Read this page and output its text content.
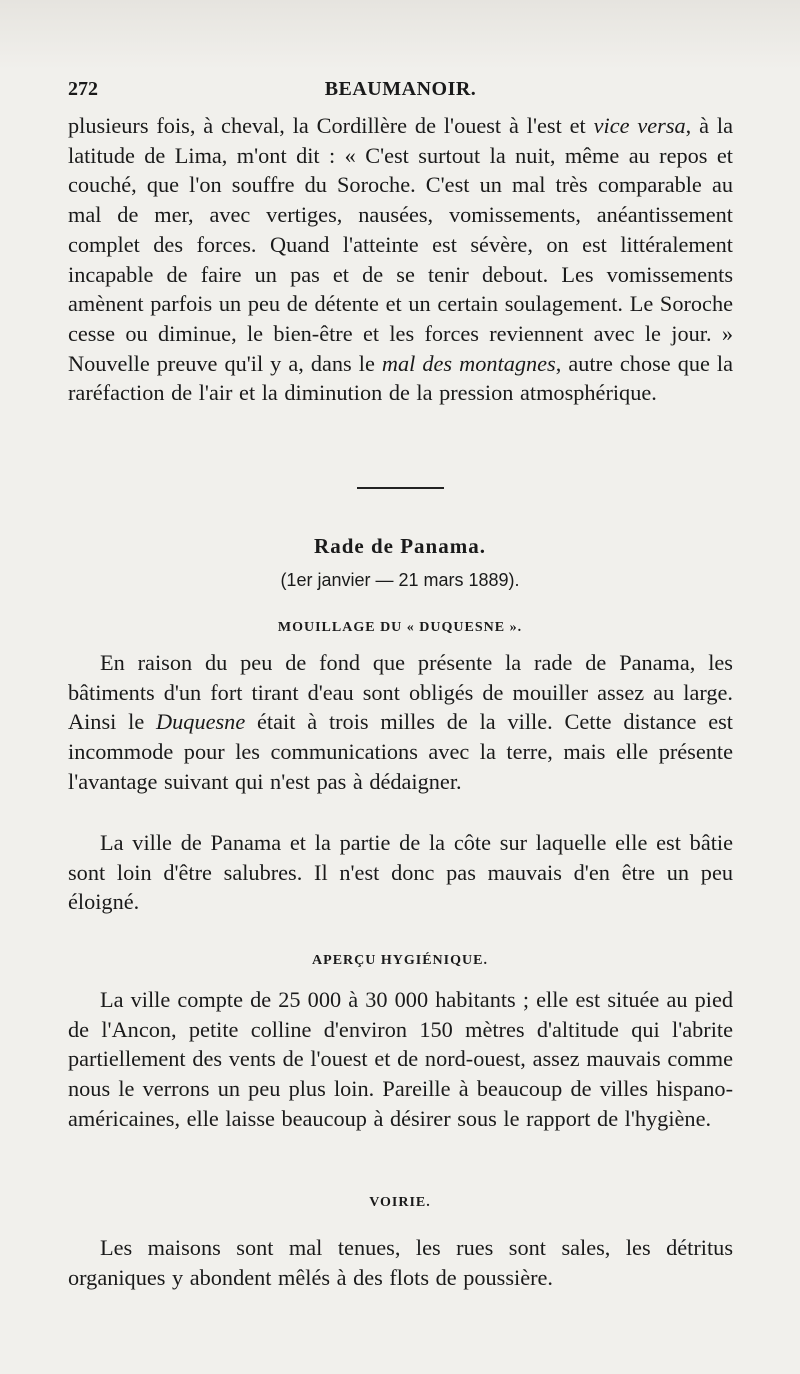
272	BEAUMANOIR.

plusieurs fois, à cheval, la Cordillère de l'ouest à l'est et vice versa, à la latitude de Lima, m'ont dit : « C'est surtout la nuit, même au repos et couché, que l'on souffre du Soroche. C'est un mal très comparable au mal de mer, avec vertiges, nausées, vomissements, anéantissement complet des forces. Quand l'atteinte est sévère, on est littéralement incapable de faire un pas et de se tenir debout. Les vomissements amènent parfois un peu de détente et un certain soulagement. Le Soroche cesse ou diminue, le bien-être et les forces reviennent avec le jour. » Nouvelle preuve qu'il y a, dans le mal des montagnes, autre chose que la raréfaction de l'air et la diminution de la pression atmosphérique.

Rade de Panama.
(1er janvier — 21 mars 1889).
MOUILLAGE DU « DUQUESNE ».

En raison du peu de fond que présente la rade de Panama, les bâtiments d'un fort tirant d'eau sont obligés de mouiller assez au large. Ainsi le Duquesne était à trois milles de la ville. Cette distance est incommode pour les communications avec la terre, mais elle présente l'avantage suivant qui n'est pas à dédaigner.

La ville de Panama et la partie de la côte sur laquelle elle est bâtie sont loin d'être salubres. Il n'est donc pas mauvais d'en être un peu éloigné.

APERÇU HYGIÉNIQUE.

La ville compte de 25 000 à 30 000 habitants ; elle est située au pied de l'Ancon, petite colline d'environ 150 mètres d'altitude qui l'abrite partiellement des vents de l'ouest et de nord-ouest, assez mauvais comme nous le verrons un peu plus loin. Pareille à beaucoup de villes hispano-américaines, elle laisse beaucoup à désirer sous le rapport de l'hygiène.

VOIRIE.

Les maisons sont mal tenues, les rues sont sales, les détritus organiques y abondent mêlés à des flots de poussière.
